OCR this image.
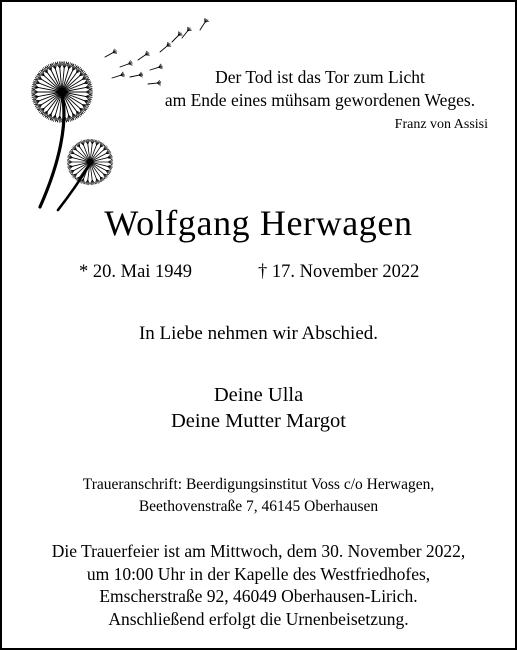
Der Tod ist das Tor zum Licht
am Ende eines mühsam gewordenen Weges.
Franz von Assisi
Wolfgang Herwagen
* 20. Mai 1949	† 17. November 2022
In Liebe nehmen wir Abschied.
Deine Ulla
Deine Mutter Margot
Traueranschrift: Beerdigungsinstitut Voss c/o Herwagen,
Beethovenstraße 7, 46145 Oberhausen
Die Trauerfeier ist am Mittwoch, dem 30. November 2022,
um 10:00 Uhr in der Kapelle des Westfriedhofes,
Emscherstraße 92, 46049 Oberhausen-Lirich.
Anschließend erfolgt die Urnenbeisetzung.
